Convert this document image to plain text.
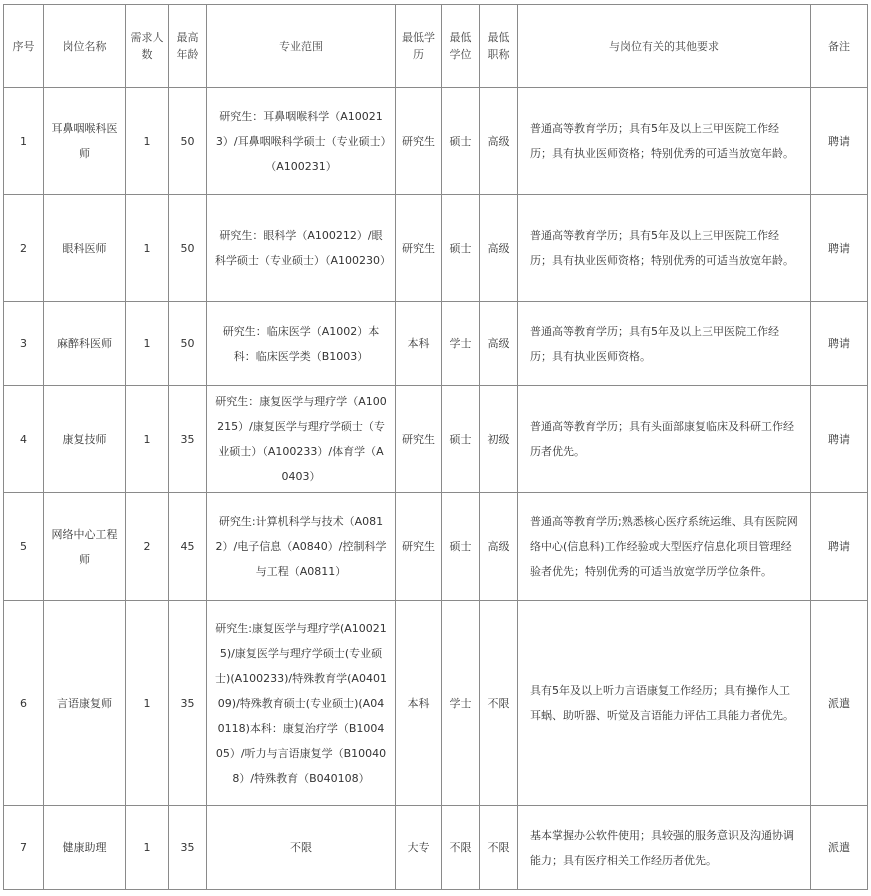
序号	岗位名称	需求人数	最高年龄	专业范围	最低学历	最低学位	最低职称	与岗位有关的其他要求	备注
1	耳鼻咽喉科医师	1	50	研究生：耳鼻咽喉科学（A100213）/耳鼻咽喉科学硕士（专业硕士）（A100231）	研究生	硕士	高级	普通高等教育学历；具有5年及以上三甲医院工作经历；具有执业医师资格；特别优秀的可适当放宽年龄。	聘请
2	眼科医师	1	50	研究生：眼科学（A100212）/眼科学硕士（专业硕士）（A100230）	研究生	硕士	高级	普通高等教育学历；具有5年及以上三甲医院工作经历；具有执业医师资格；特别优秀的可适当放宽年龄。	聘请
3	麻醉科医师	1	50	研究生：临床医学（A1002）本科：临床医学类（B1003）	本科	学士	高级	普通高等教育学历；具有5年及以上三甲医院工作经历；具有执业医师资格。	聘请
4	康复技师	1	35	研究生：康复医学与理疗学（A100215）/康复医学与理疗学硕士（专业硕士）（A100233）/体育学（A0403）	研究生	硕士	初级	普通高等教育学历；具有头面部康复临床及科研工作经历者优先。	聘请
5	网络中心工程师	2	45	研究生:计算机科学与技术（A0812）/电子信息（A0840）/控制科学与工程（A0811）	研究生	硕士	高级	普通高等教育学历;熟悉核心医疗系统运维、具有医院网络中心(信息科)工作经验或大型医疗信息化项目管理经验者优先；特别优秀的可适当放宽学历学位条件。	聘请
6	言语康复师	1	35	研究生:康复医学与理疗学(A100215)/康复医学与理疗学硕士(专业硕士)(A100233)/特殊教育学(A040109)/特殊教育硕士(专业硕士)(A040118)本科：康复治疗学（B100405）/听力与言语康复学（B100408）/特殊教育（B040108）	本科	学士	不限	具有5年及以上听力言语康复工作经历；具有操作人工耳蜗、助听器、听觉及言语能力评估工具能力者优先。	派遣
7	健康助理	1	35	不限	大专	不限	不限	基本掌握办公软件使用；具较强的服务意识及沟通协调能力；具有医疗相关工作经历者优先。	派遣
